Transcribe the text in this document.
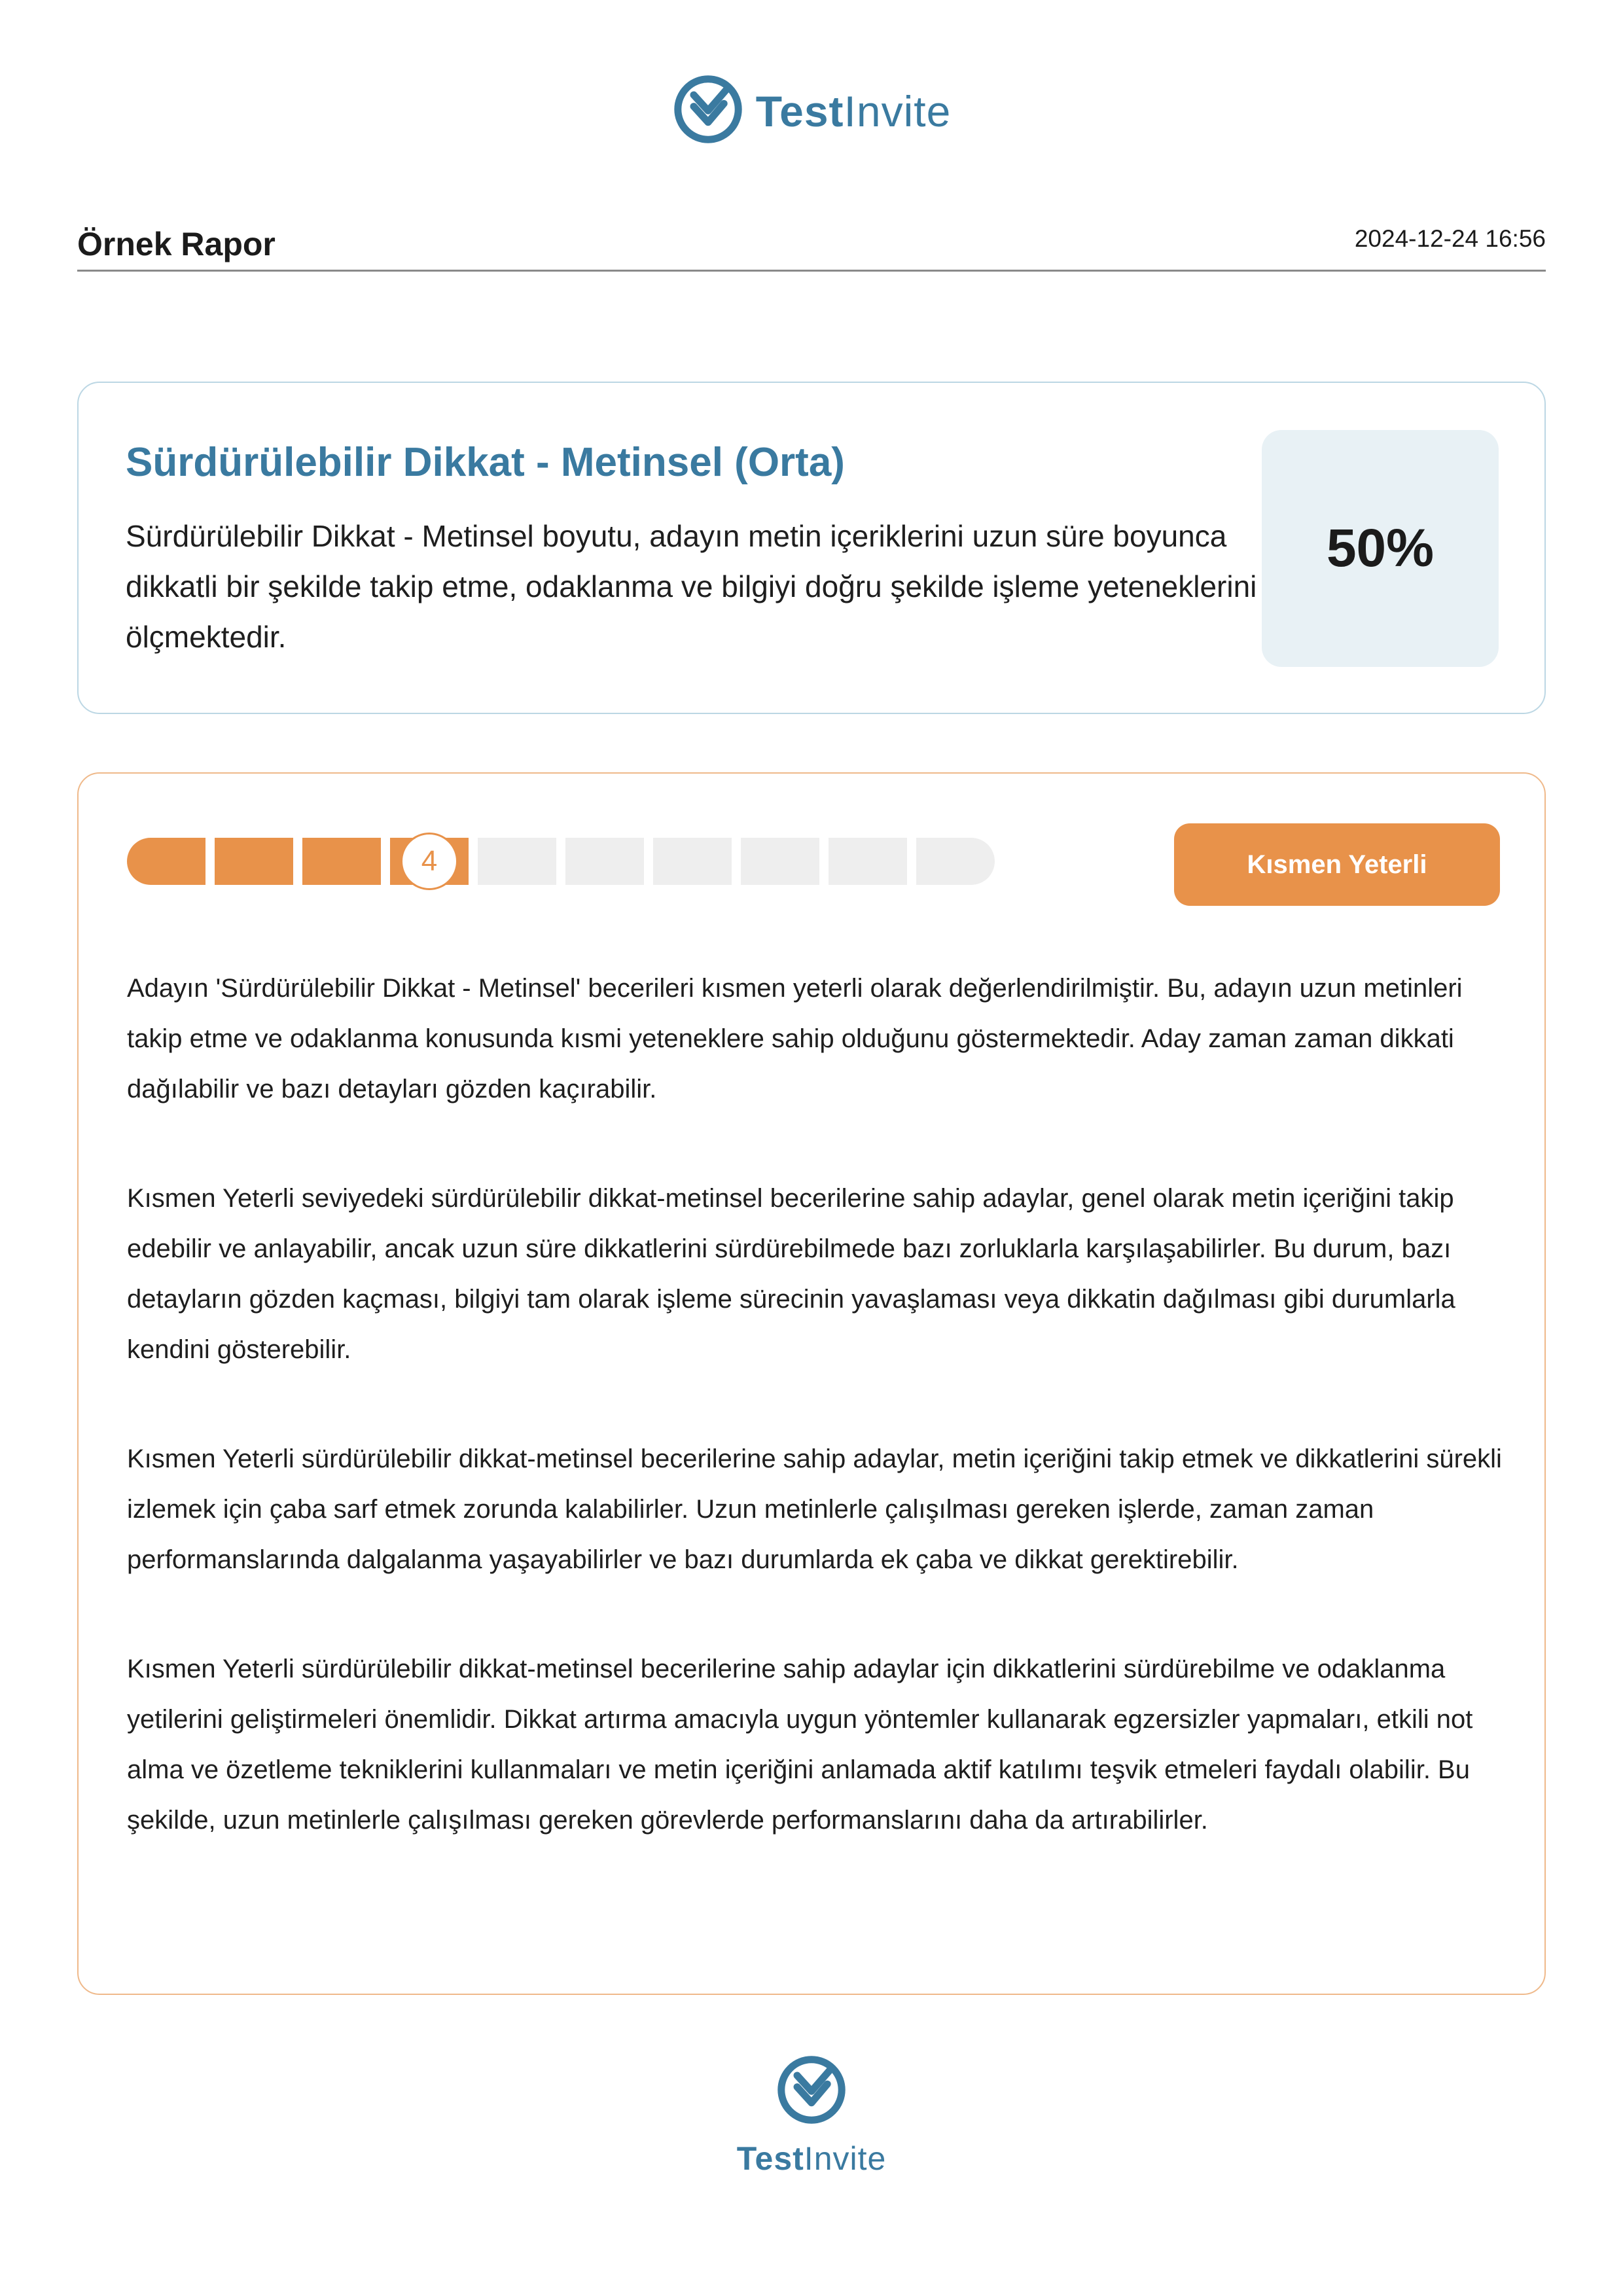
TestInvite
Örnek Rapor	2024-12-24 16:56
Sürdürülebilir Dikkat - Metinsel (Orta)
Sürdürülebilir Dikkat - Metinsel boyutu, adayın metin içeriklerini uzun süre boyunca dikkatli bir şekilde takip etme, odaklanma ve bilgiyi doğru şekilde işleme yeteneklerini ölçmektedir.
50%
4	Kısmen Yeterli

Adayın 'Sürdürülebilir Dikkat - Metinsel' becerileri kısmen yeterli olarak değerlendirilmiştir. Bu, adayın uzun metinleri takip etme ve odaklanma konusunda kısmi yeteneklere sahip olduğunu göstermektedir. Aday zaman zaman dikkati dağılabilir ve bazı detayları gözden kaçırabilir.

Kısmen Yeterli seviyedeki sürdürülebilir dikkat-metinsel becerilerine sahip adaylar, genel olarak metin içeriğini takip edebilir ve anlayabilir, ancak uzun süre dikkatlerini sürdürebilmede bazı zorluklarla karşılaşabilirler. Bu durum, bazı detayların gözden kaçması, bilgiyi tam olarak işleme sürecinin yavaşlaması veya dikkatin dağılması gibi durumlarla kendini gösterebilir.

Kısmen Yeterli sürdürülebilir dikkat-metinsel becerilerine sahip adaylar, metin içeriğini takip etmek ve dikkatlerini sürekli izlemek için çaba sarf etmek zorunda kalabilirler. Uzun metinlerle çalışılması gereken işlerde, zaman zaman performanslarında dalgalanma yaşayabilirler ve bazı durumlarda ek çaba ve dikkat gerektirebilir.

Kısmen Yeterli sürdürülebilir dikkat-metinsel becerilerine sahip adaylar için dikkatlerini sürdürebilme ve odaklanma yetilerini geliştirmeleri önemlidir. Dikkat artırma amacıyla uygun yöntemler kullanarak egzersizler yapmaları, etkili not alma ve özetleme tekniklerini kullanmaları ve metin içeriğini anlamada aktif katılımı teşvik etmeleri faydalı olabilir. Bu şekilde, uzun metinlerle çalışılması gereken görevlerde performanslarını daha da artırabilirler.

TestInvite
